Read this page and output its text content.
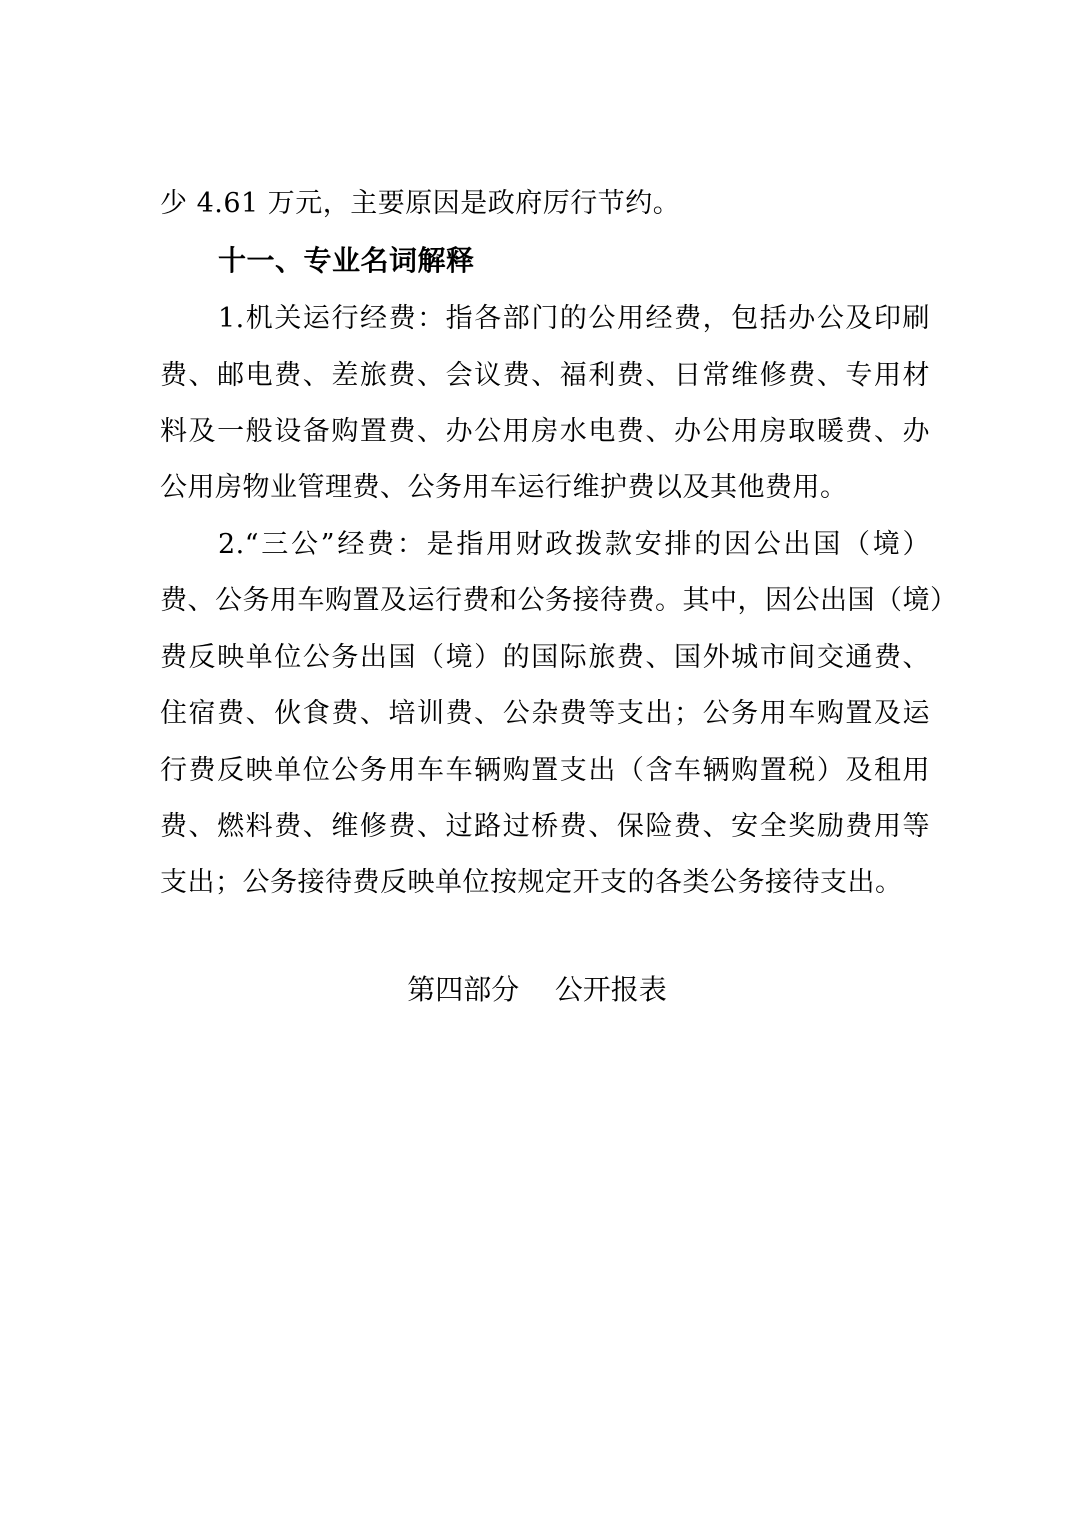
少 4.61 万元，主要原因是政府厉行节约。
十一、专业名词解释
1.机关运行经费：指各部门的公用经费，包括办公及印刷
费、邮电费、差旅费、会议费、福利费、日常维修费、专用材
料及一般设备购置费、办公用房水电费、办公用房取暖费、办
公用房物业管理费、公务用车运行维护费以及其他费用。
2.“三公”经费：是指用财政拨款安排的因公出国（境）
费、公务用车购置及运行费和公务接待费。其中，因公出国（境）
费反映单位公务出国（境）的国际旅费、国外城市间交通费、
住宿费、伙食费、培训费、公杂费等支出；公务用车购置及运
行费反映单位公务用车车辆购置支出（含车辆购置税）及租用
费、燃料费、维修费、过路过桥费、保险费、安全奖励费用等
支出；公务接待费反映单位按规定开支的各类公务接待支出。
第四部分    公开报表
